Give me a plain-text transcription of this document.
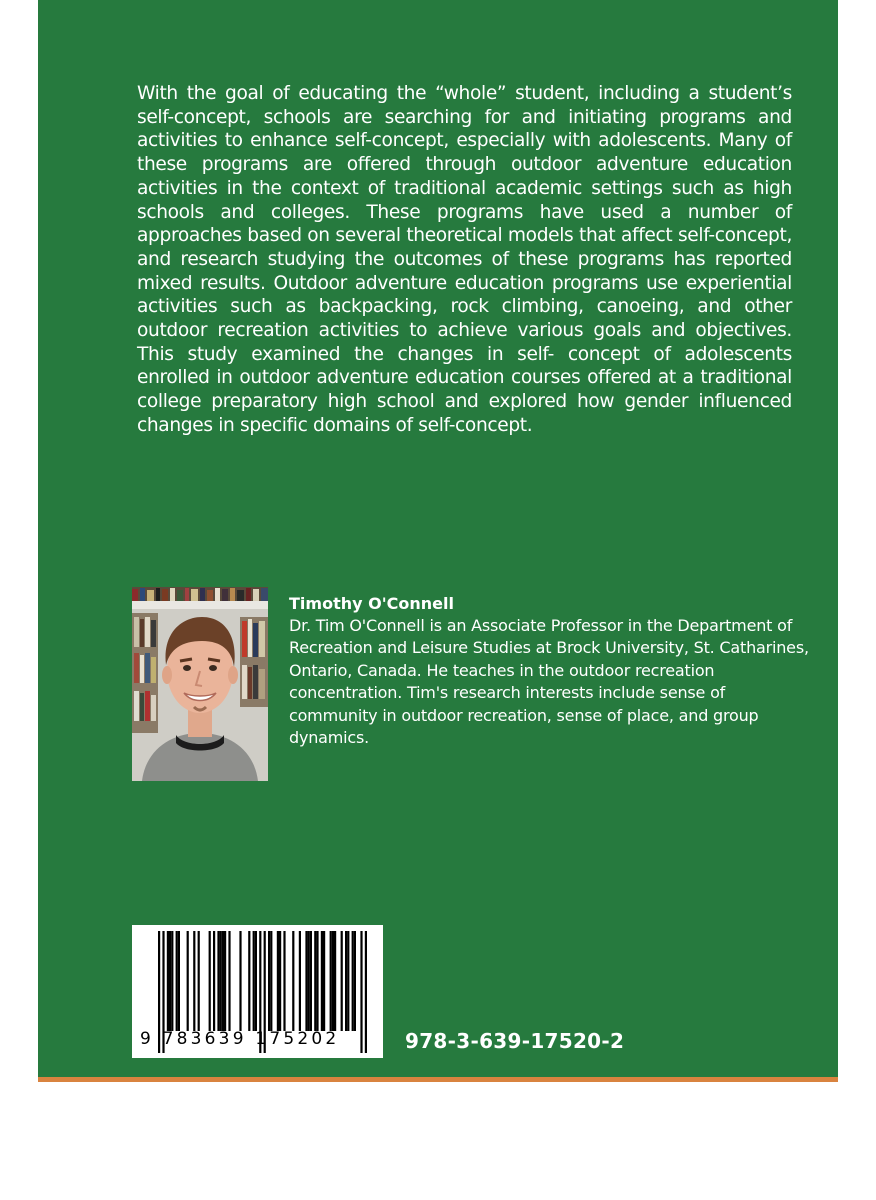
With the goal of educating the “whole” student, including a student’s self-concept, schools are searching for and initiating programs and activities to enhance self-concept, especially with adolescents. Many of these programs are offered through outdoor adventure education activities in the context of traditional academic settings such as high schools and colleges. These programs have used a number of approaches based on several theoretical models that affect self-concept, and research studying the outcomes of these programs has reported mixed results. Outdoor adventure education programs use experiential activities such as backpacking, rock climbing, canoeing, and other outdoor recreation activities to achieve various goals and objectives. This study examined the changes in self- concept of adolescents enrolled in outdoor adventure education courses offered at a traditional college preparatory high school and explored how gender influenced changes in specific domains of self-concept.

Timothy O'Connell

Dr. Tim O'Connell is an Associate Professor in the Department of Recreation and Leisure Studies at Brock University, St. Catharines, Ontario, Canada. He teaches in the outdoor recreation concentration. Tim's research interests include sense of community in outdoor recreation, sense of place, and group dynamics.

9 783639 175202	978-3-639-17520-2
